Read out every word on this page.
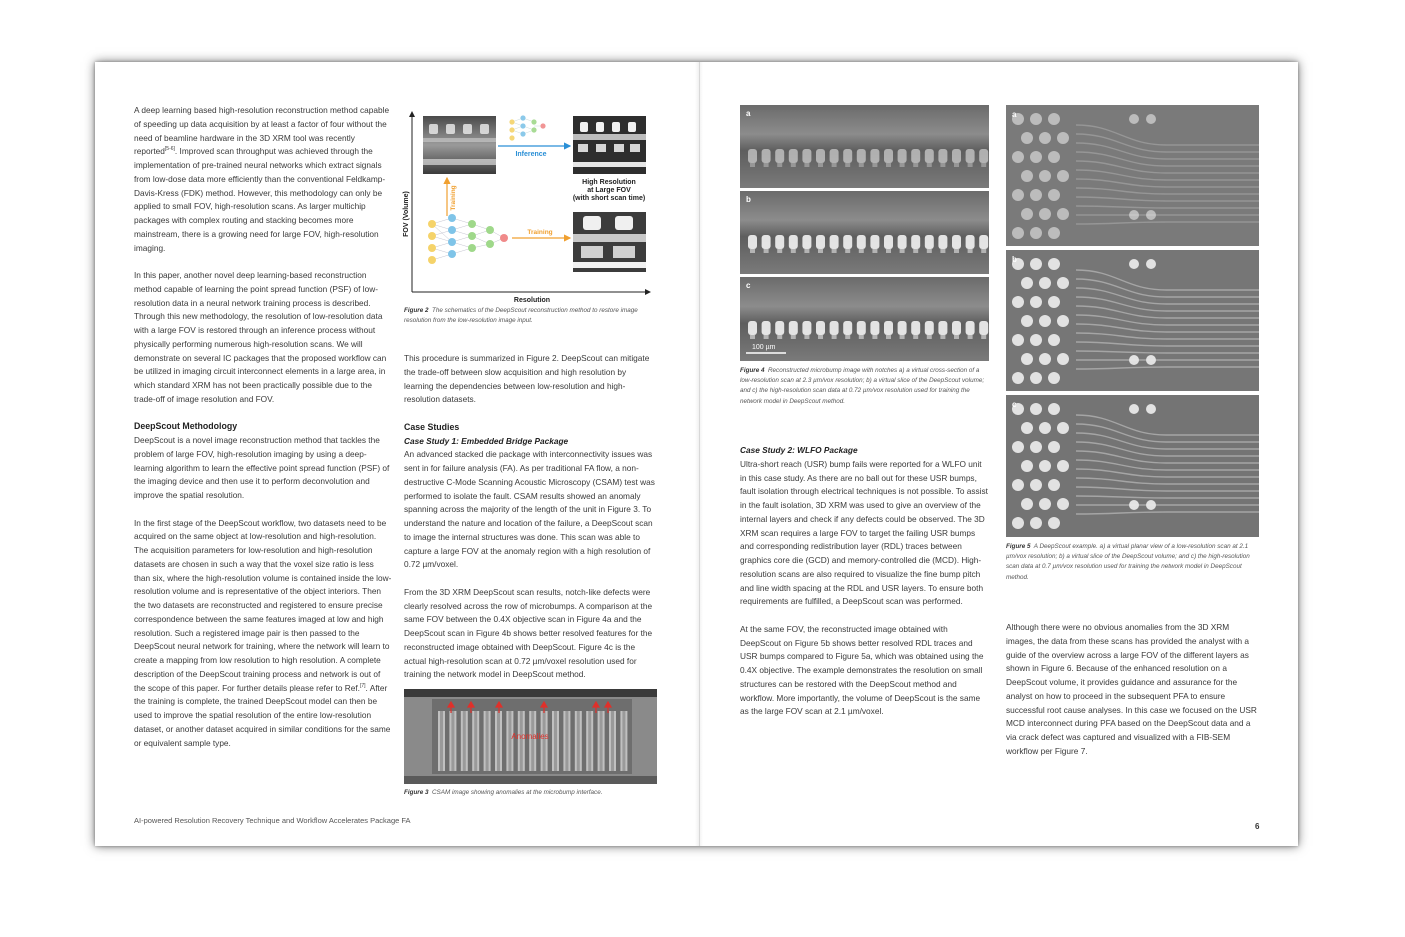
A deep learning based high-resolution reconstruction method capable of speeding up data acquisition by at least a factor of four without the need of beamline hardware in the 3D XRM tool was recently reported[5-6]. Improved scan throughput was achieved through the implementation of pre-trained neural networks which extract signals from low-dose data more efficiently than the conventional Feldkamp-Davis-Kress (FDK) method. However, this methodology can only be applied to small FOV, high-resolution scans. As larger multichip packages with complex routing and stacking becomes more mainstream, there is a growing need for large FOV, high-resolution imaging.

In this paper, another novel deep learning-based reconstruction method capable of learning the point spread function (PSF) of low-resolution data in a neural network training process is described. Through this new methodology, the resolution of low-resolution data with a large FOV is restored through an inference process without physically performing numerous high-resolution scans. We will demonstrate on several IC packages that the proposed workflow can be utilized in imaging circuit interconnect elements in a large area, in which standard XRM has not been practically possible due to the trade-off of image resolution and FOV.

DeepScout Methodology

DeepScout is a novel image reconstruction method that tackles the problem of large FOV, high-resolution imaging by using a deep-learning algorithm to learn the effective point spread function (PSF) of the imaging device and then use it to perform deconvolution and improve the spatial resolution.

In the first stage of the DeepScout workflow, two datasets need to be acquired on the same object at low-resolution and high-resolution. The acquisition parameters for low-resolution and high-resolution datasets are chosen in such a way that the voxel size ratio is less than six, where the high-resolution volume is contained inside the low-resolution volume and is representative of the object interiors. Then the two datasets are reconstructed and registered to ensure precise correspondence between the same features imaged at low and high resolution. Such a registered image pair is then passed to the DeepScout neural network for training, where the network will learn to create a mapping from low resolution to high resolution. A complete description of the DeepScout training process and network is out of the scope of this paper. For further details please refer to Ref.[7]. After the training is complete, the trained DeepScout model can then be used to improve the spatial resolution of the entire low-resolution dataset, or another dataset acquired in similar conditions for the same or equivalent sample type.

FOV (Volume)
Resolution
Inference
High Resolution
at Large FOV
(with short scan time)
Training
Training
Figure 2 The schematics of the DeepScout reconstruction method to restore image resolution from the low-resolution image input.

This procedure is summarized in Figure 2. DeepScout can mitigate the trade-off between slow acquisition and high resolution by learning the dependencies between low-resolution and high-resolution datasets.

Case Studies
Case Study 1: Embedded Bridge Package

An advanced stacked die package with interconnectivity issues was sent in for failure analysis (FA). As per traditional FA flow, a non-destructive C-Mode Scanning Acoustic Microscopy (CSAM) test was performed to isolate the fault. CSAM results showed an anomaly spanning across the majority of the length of the unit in Figure 3. To understand the nature and location of the failure, a DeepScout scan to image the internal structures was done. This scan was able to capture a large FOV at the anomaly region with a high resolution of 0.72 µm/voxel.

From the 3D XRM DeepScout scan results, notch-like defects were clearly resolved across the row of microbumps. A comparison at the same FOV between the 0.4X objective scan in Figure 4a and the DeepScout scan in Figure 4b shows better resolved features for the reconstructed image obtained with DeepScout. Figure 4c is the actual high-resolution scan at 0.72 µm/voxel resolution used for training the network model in DeepScout method.

Anomalies
Figure 3 CSAM image showing anomalies at the microbump interface.
AI-powered Resolution Recovery Technique and Workflow Accelerates Package FA
a
b
c
100 µm
Figure 4 Reconstructed microbump image with notches a) a virtual cross-section of a low-resolution scan at 2.3 µm/vox resolution; b) a virtual slice of the DeepScout volume; and c) the high-resolution scan data at 0.72 µm/vox resolution used for training the network model in DeepScout method.
Case Study 2: WLFO Package

Ultra-short reach (USR) bump fails were reported for a WLFO unit in this case study. As there are no ball out for these USR bumps, fault isolation through electrical techniques is not possible. To assist in the fault isolation, 3D XRM was used to give an overview of the internal layers and check if any defects could be observed. The 3D XRM scan requires a large FOV to target the failing USR bumps and corresponding redistribution layer (RDL) traces between graphics core die (GCD) and memory-controlled die (MCD). High-resolution scans are also required to visualize the fine bump pitch and line width spacing at the RDL and USR layers. To ensure both requirements are fulfilled, a DeepScout scan was performed.

At the same FOV, the reconstructed image obtained with DeepScout on Figure 5b shows better resolved RDL traces and USR bumps compared to Figure 5a, which was obtained using the 0.4X objective. The example demonstrates the resolution on small structures can be restored with the DeepScout method and workflow. More importantly, the volume of DeepScout is the same as the large FOV scan at 2.1 µm/voxel.

a
b
c
Figure 5 A DeepScout example. a) a virtual planar view of a low-resolution scan at 2.1 µm/vox resolution; b) a virtual slice of the DeepScout volume; and c) the high-resolution scan data at 0.7 µm/vox resolution used for training the network model in DeepScout method.

Although there were no obvious anomalies from the 3D XRM images, the data from these scans has provided the analyst with a guide of the overview across a large FOV of the different layers as shown in Figure 6. Because of the enhanced resolution on a DeepScout volume, it provides guidance and assurance for the analyst on how to proceed in the subsequent PFA to ensure successful root cause analyses. In this case we focused on the USR MCD interconnect during PFA based on the DeepScout data and a via crack defect was captured and visualized with a FIB-SEM workflow per Figure 7.

6
